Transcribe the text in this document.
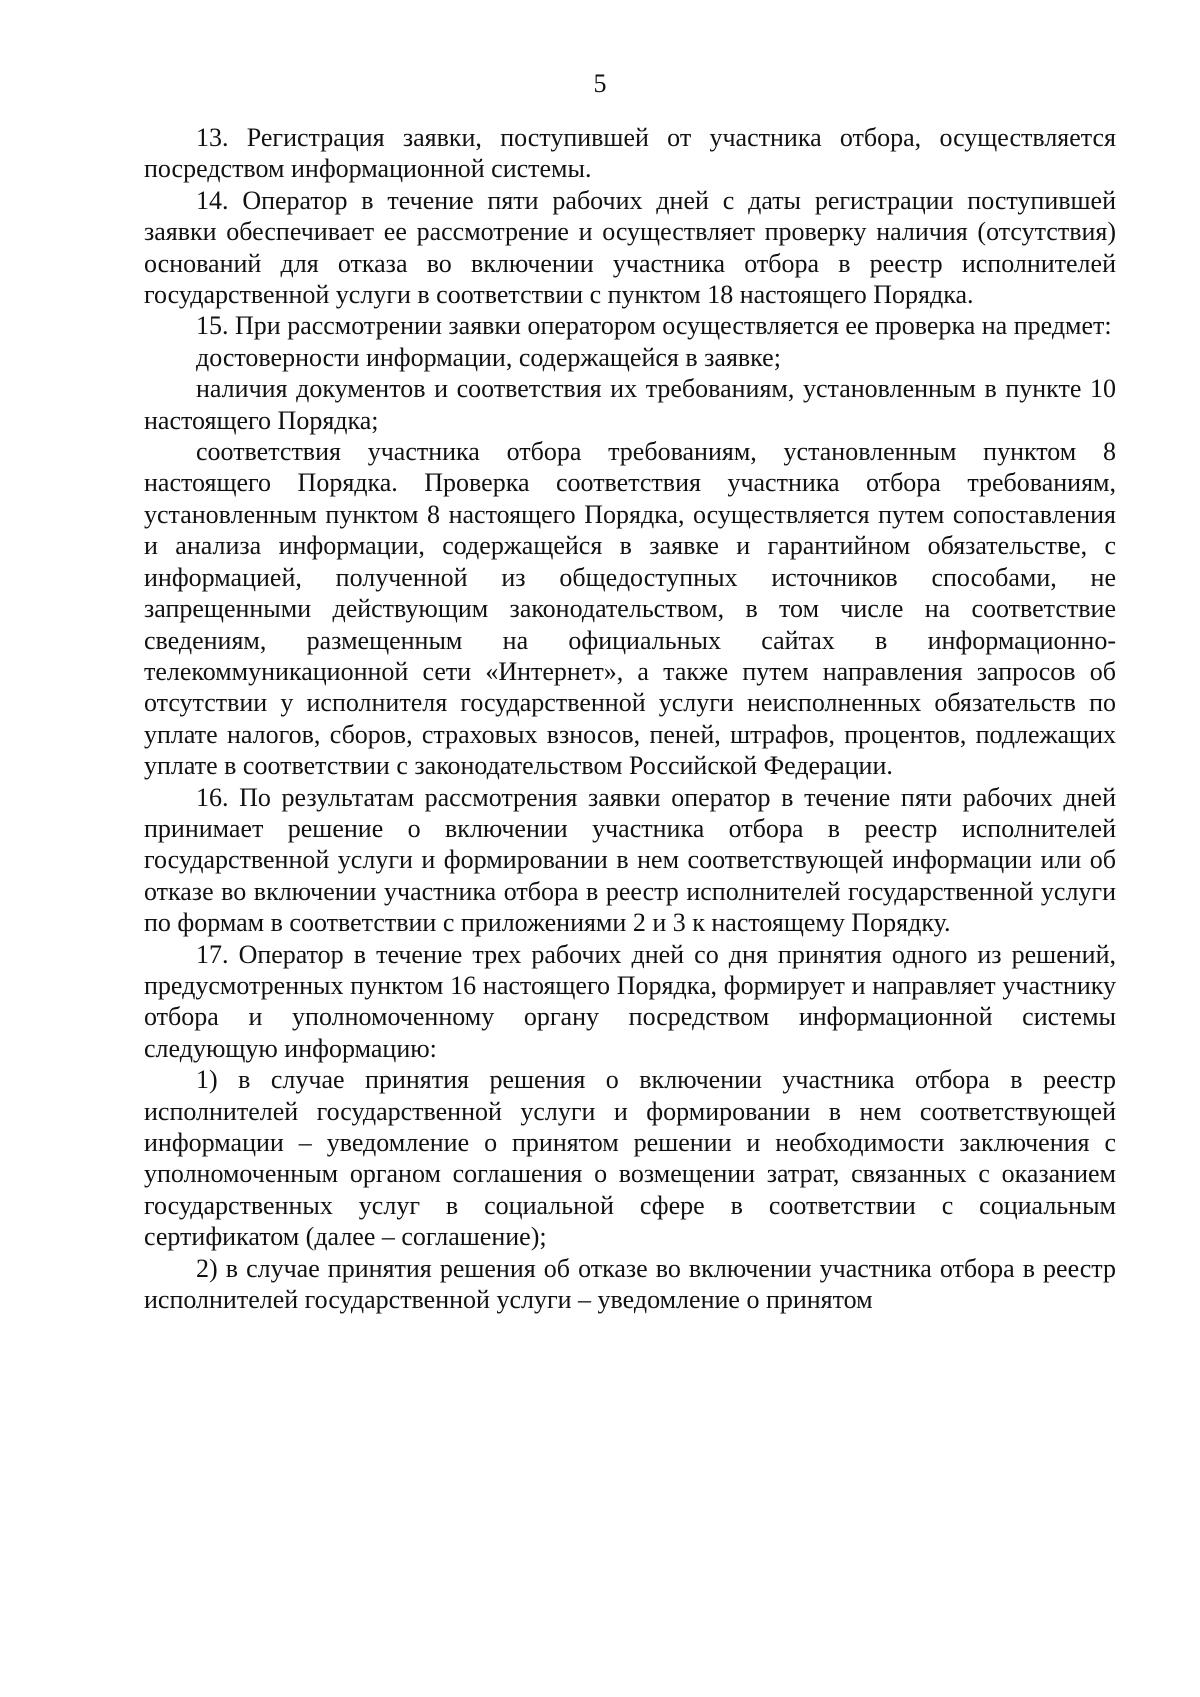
5

13. Регистрация заявки, поступившей от участника отбора, осуществляется посредством информационной системы.

14. Оператор в течение пяти рабочих дней с даты регистрации поступившей заявки обеспечивает ее рассмотрение и осуществляет проверку наличия (отсутствия) оснований для отказа во включении участника отбора в реестр исполнителей государственной услуги в соответствии с пунктом 18 настоящего Порядка.

15. При рассмотрении заявки оператором осуществляется ее проверка на предмет:

достоверности информации, содержащейся в заявке;

наличия документов и соответствия их требованиям, установленным в пункте 10 настоящего Порядка;

соответствия участника отбора требованиям, установленным пунктом 8 настоящего Порядка. Проверка соответствия участника отбора требованиям, установленным пунктом 8 настоящего Порядка, осуществляется путем сопоставления и анализа информации, содержащейся в заявке и гарантийном обязательстве, с информацией, полученной из общедоступных источников способами, не запрещенными действующим законодательством, в том числе на соответствие сведениям, размещенным на официальных сайтах в информационно-телекоммуникационной сети «Интернет», а также путем направления запросов об отсутствии у исполнителя государственной услуги неисполненных обязательств по уплате налогов, сборов, страховых взносов, пеней, штрафов, процентов, подлежащих уплате в соответствии с законодательством Российской Федерации.

16. По результатам рассмотрения заявки оператор в течение пяти рабочих дней принимает решение о включении участника отбора в реестр исполнителей государственной услуги и формировании в нем соответствующей информации или об отказе во включении участника отбора в реестр исполнителей государственной услуги по формам в соответствии с приложениями 2 и 3 к настоящему Порядку.

17. Оператор в течение трех рабочих дней со дня принятия одного из решений, предусмотренных пунктом 16 настоящего Порядка, формирует и направляет участнику отбора и уполномоченному органу посредством информационной системы следующую информацию:

1) в случае принятия решения о включении участника отбора в реестр исполнителей государственной услуги и формировании в нем соответствующей информации – уведомление о принятом решении и необходимости заключения с уполномоченным органом соглашения о возмещении затрат, связанных с оказанием государственных услуг в социальной сфере в соответствии с социальным сертификатом (далее – соглашение);

2) в случае принятия решения об отказе во включении участника отбора в реестр исполнителей государственной услуги – уведомление о принятом
